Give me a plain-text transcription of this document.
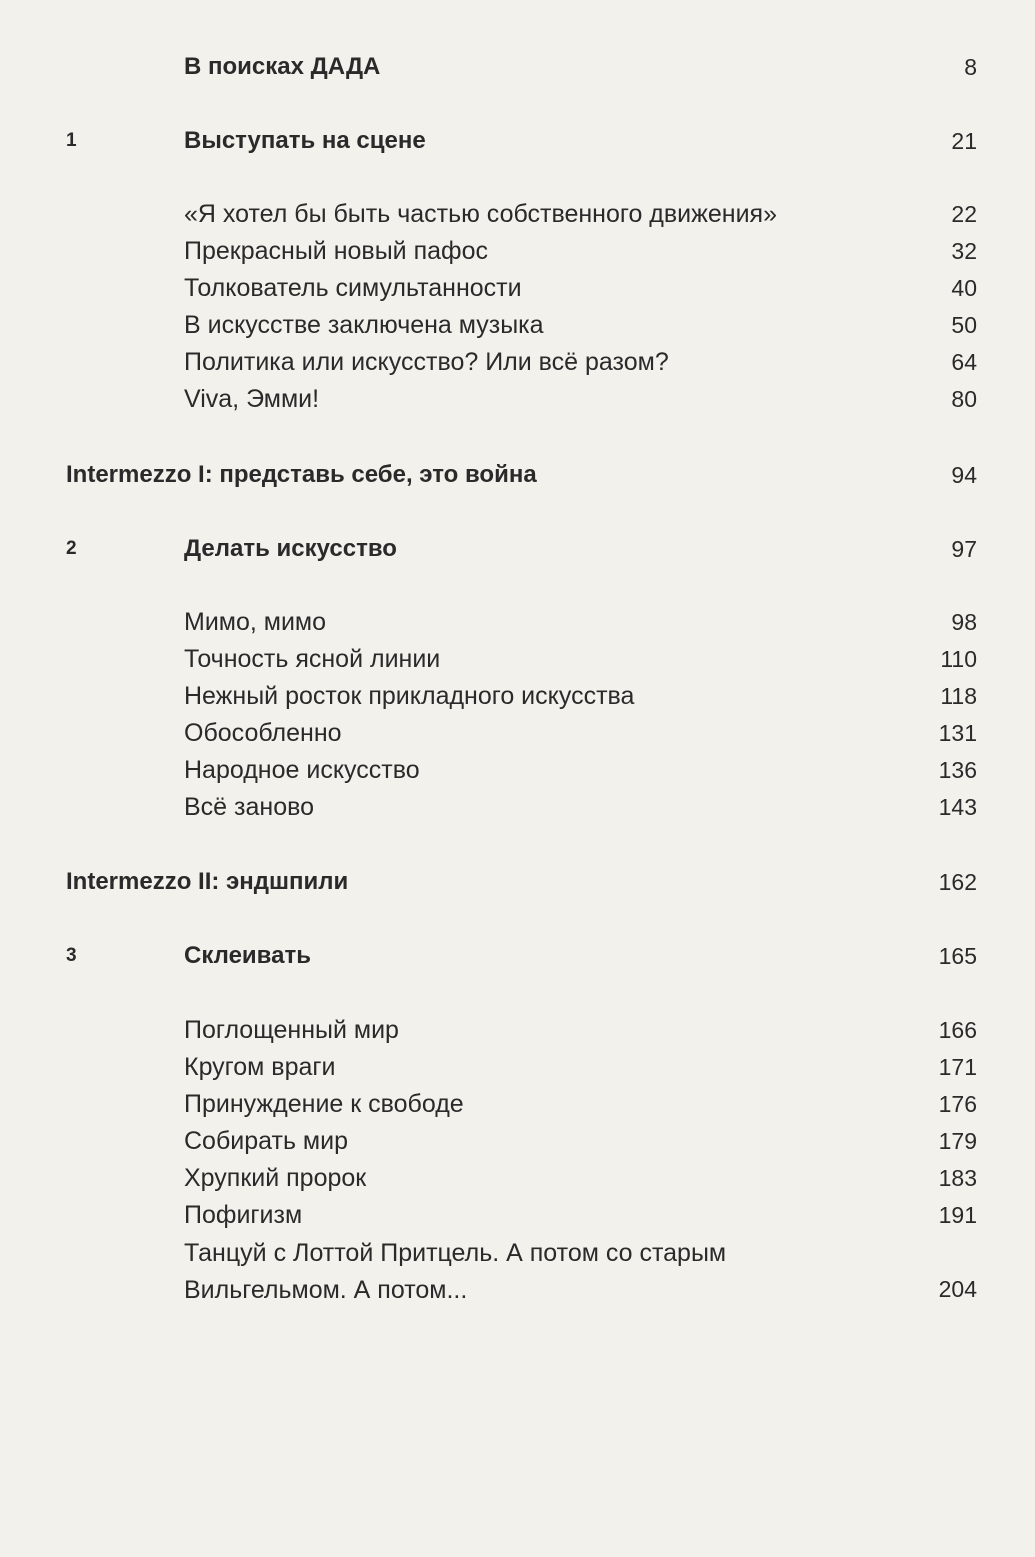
В поисках ДАДА	8
1	Выступать на сцене	21
«Я хотел бы быть частью собственного движения»	22
Прекрасный новый пафос	32
Толкователь симультанности	40
В искусстве заключена музыка	50
Политика или искусство? Или всё разом?	64
Viva, Эмми!	80
Intermezzo I: представь себе, это война	94
2	Делать искусство	97
Мимо, мимо	98
Точность ясной линии	110
Нежный росток прикладного искусства	118
Обособленно	131
Народное искусство	136
Всё заново	143
Intermezzo II: эндшпили	162
3	Склеивать	165
Поглощенный мир	166
Кругом враги	171
Принуждение к свободе	176
Собирать мир	179
Хрупкий пророк	183
Пофигизм	191
Танцуй с Лоттой Притцель. А потом со старым Вильгельмом. А потом...	204
